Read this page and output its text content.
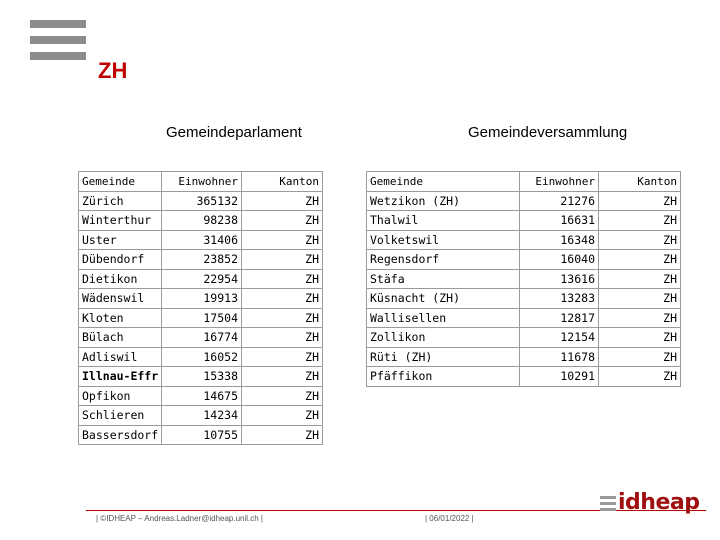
ZH
Gemeindeparlament	Gemeindeversammlung
Gemeinde	Einwohner	Kanton
Zürich	365132	ZH
Winterthur	98238	ZH
Uster	31406	ZH
Dübendorf	23852	ZH
Dietikon	22954	ZH
Wädenswil	19913	ZH
Kloten	17504	ZH
Bülach	16774	ZH
Adliswil	16052	ZH
Illnau-Effr	15338	ZH
Opfikon	14675	ZH
Schlieren	14234	ZH
Bassersdorf	10755	ZH
Gemeinde	Einwohner	Kanton
Wetzikon (ZH)	21276	ZH
Thalwil	16631	ZH
Volketswil	16348	ZH
Regensdorf	16040	ZH
Stäfa	13616	ZH
Küsnacht (ZH)	13283	ZH
Wallisellen	12817	ZH
Zollikon	12154	ZH
Rüti (ZH)	11678	ZH
Pfäffikon	10291	ZH
| ©IDHEAP – Andreas.Ladner@idheap.unil.ch |	| 06/01/2022 |
idheap
